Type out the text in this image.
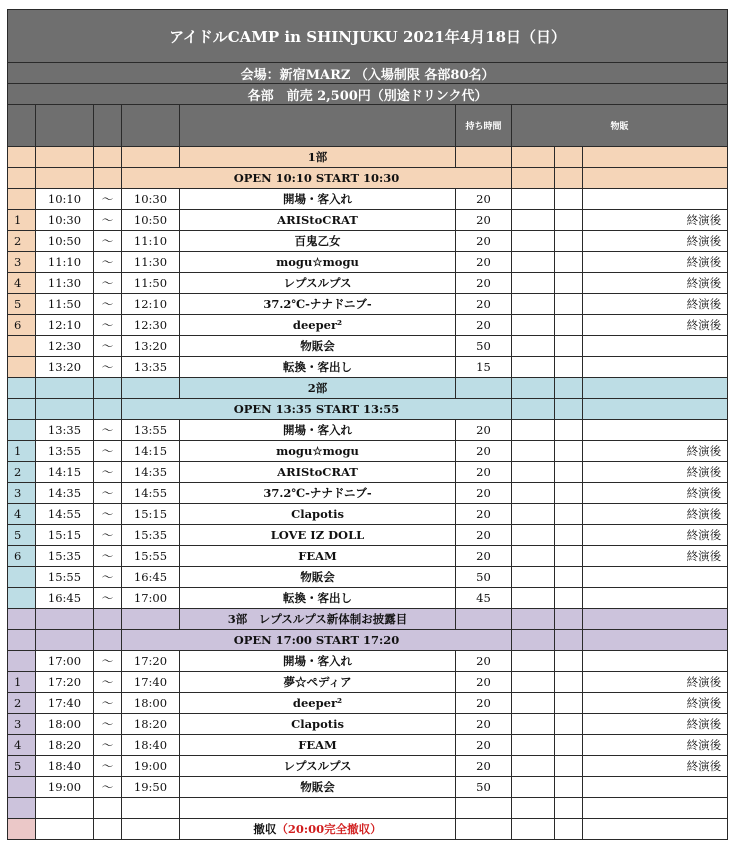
アイドルCAMP in SHINJUKU 2021年4月18日（日）								
会場：新宿MARZ （入場制限 各部80名）								
各部　前売 2,500円（別途ドリンク代）								
					持ち時間	物販		
				1部				
			OPEN 10:10 START 10:30					
	10:10	〜	10:30	開場・客入れ	20			
1	10:30	〜	10:50	ARIStoCRAT	20			終演後
2	10:50	〜	11:10	百鬼乙女	20			終演後
3	11:10	〜	11:30	mogu☆mogu	20			終演後
4	11:30	〜	11:50	レプスルプス	20			終演後
5	11:50	〜	12:10	37.2℃-ナナドニブ-	20			終演後
6	12:10	〜	12:30	deeper²	20			終演後
	12:30	〜	13:20	物販会	50			
	13:20	〜	13:35	転換・客出し	15			
				2部				
			OPEN 13:35 START 13:55					
	13:35	〜	13:55	開場・客入れ	20			
1	13:55	〜	14:15	mogu☆mogu	20			終演後
2	14:15	〜	14:35	ARIStoCRAT	20			終演後
3	14:35	〜	14:55	37.2℃-ナナドニブ-	20			終演後
4	14:55	〜	15:15	Clapotis	20			終演後
5	15:15	〜	15:35	LOVE IZ DOLL	20			終演後
6	15:35	〜	15:55	FEAM	20			終演後
	15:55	〜	16:45	物販会	50			
	16:45	〜	17:00	転換・客出し	45			
				3部　レプスルプス新体制お披露目				
			OPEN 17:00 START 17:20					
	17:00	〜	17:20	開場・客入れ	20			
1	17:20	〜	17:40	夢☆ペディア	20			終演後
2	17:40	〜	18:00	deeper²	20			終演後
3	18:00	〜	18:20	Clapotis	20			終演後
4	18:20	〜	18:40	FEAM	20			終演後
5	18:40	〜	19:00	レプスルプス	20			終演後
	19:00	〜	19:50	物販会	50			

				撤収（20:00完全撤収）				
